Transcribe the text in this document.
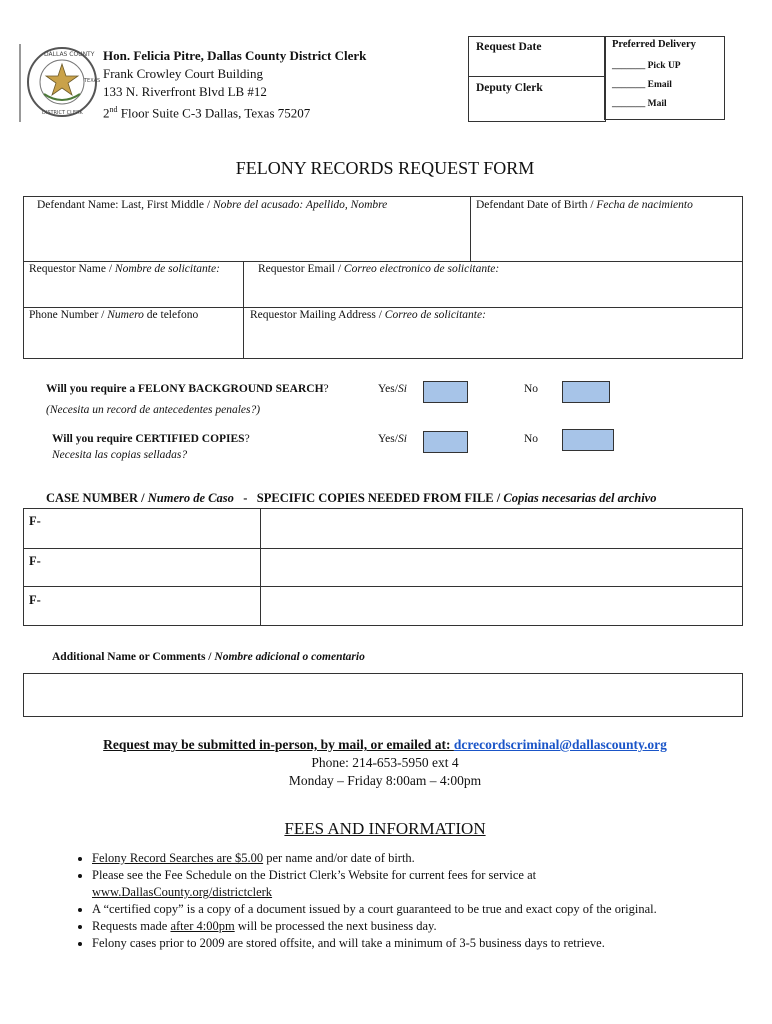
DALLAS COUNTY
TEXAS
DISTRICT CLERK
Hon. Felicia Pitre, Dallas County District Clerk
Frank Crowley Court Building
133 N. Riverfront Blvd LB #12
2nd Floor Suite C-3 Dallas, Texas 75207
Request Date
Deputy Clerk
Preferred Delivery
_______ Pick UP
_______ Email
_______ Mail
FELONY RECORDS REQUEST FORM
Defendant Name: Last, First Middle / Nobre del acusado: Apellido, Nombre	Defendant Date of Birth / Fecha de nacimiento
Requestor Name / Nombre de solicitante:	Requestor Email / Correo electronico de solicitante:
Phone Number / Numero de telefono	Requestor Mailing Address / Correo de solicitante:
Will you require a FELONY BACKGROUND SEARCH?
(Necesita un record de antecedentes penales?)
Yes/Si	No
Will you require CERTIFIED COPIES?
Necesita las copias selladas?
Yes/Si	No
CASE NUMBER / Numero de Caso - SPECIFIC COPIES NEEDED FROM FILE / Copias necesarias del archivo
F-
F-
F-
Additional Name or Comments / Nombre adicional o comentario
Request may be submitted in-person, by mail, or emailed at: dcrecordscriminal@dallascounty.org
Phone: 214-653-5950 ext 4
Monday – Friday 8:00am – 4:00pm
FEES AND INFORMATION
• Felony Record Searches are $5.00 per name and/or date of birth.
• Please see the Fee Schedule on the District Clerk’s Website for current fees for service at
www.DallasCounty.org/districtclerk
• A “certified copy” is a copy of a document issued by a court guaranteed to be true and exact copy of the original.
• Requests made after 4:00pm will be processed the next business day.
• Felony cases prior to 2009 are stored offsite, and will take a minimum of 3-5 business days to retrieve.
